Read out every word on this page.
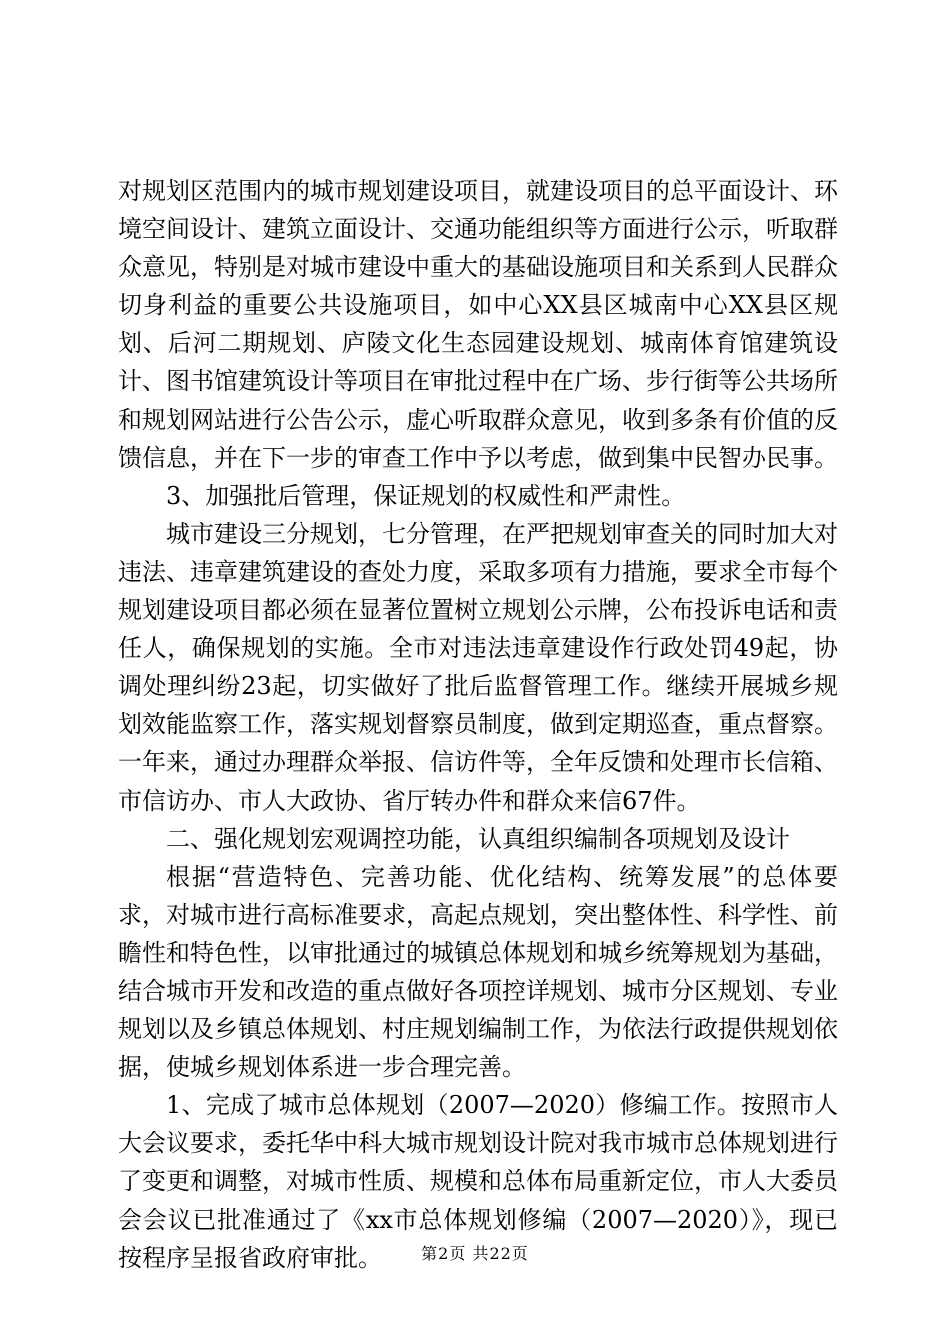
对规划区范围内的城市规划建设项目，就建设项目的总平面设计、环境空间设计、建筑立面设计、交通功能组织等方面进行公示，听取群众意见，特别是对城市建设中重大的基础设施项目和关系到人民群众切身利益的重要公共设施项目，如中心XX县区城南中心XX县区规划、后河二期规划、庐陵文化生态园建设规划、城南体育馆建筑设计、图书馆建筑设计等项目在审批过程中在广场、步行街等公共场所和规划网站进行公告公示，虚心听取群众意见，收到多条有价值的反馈信息，并在下一步的审查工作中予以考虑，做到集中民智办民事。

3、加强批后管理，保证规划的权威性和严肃性。

城市建设三分规划，七分管理，在严把规划审查关的同时加大对违法、违章建筑建设的查处力度，采取多项有力措施，要求全市每个规划建设项目都必须在显著位置树立规划公示牌，公布投诉电话和责任人，确保规划的实施。全市对违法违章建设作行政处罚49起，协调处理纠纷23起，切实做好了批后监督管理工作。继续开展城乡规划效能监察工作，落实规划督察员制度，做到定期巡查，重点督察。一年来，通过办理群众举报、信访件等，全年反馈和处理市长信箱、市信访办、市人大政协、省厅转办件和群众来信67件。

二、强化规划宏观调控功能，认真组织编制各项规划及设计

根据“营造特色、完善功能、优化结构、统筹发展”的总体要求，对城市进行高标准要求，高起点规划，突出整体性、科学性、前瞻性和特色性，以审批通过的城镇总体规划和城乡统筹规划为基础，结合城市开发和改造的重点做好各项控详规划、城市分区规划、专业规划以及乡镇总体规划、村庄规划编制工作，为依法行政提供规划依据，使城乡规划体系进一步合理完善。

1、完成了城市总体规划（2007—2020）修编工作。按照市人大会议要求，委托华中科大城市规划设计院对我市城市总体规划进行了变更和调整，对城市性质、规模和总体布局重新定位，市人大委员会会议已批准通过了《xx市总体规划修编（2007—2020）》，现已按程序呈报省政府审批。	第2页 共22页
